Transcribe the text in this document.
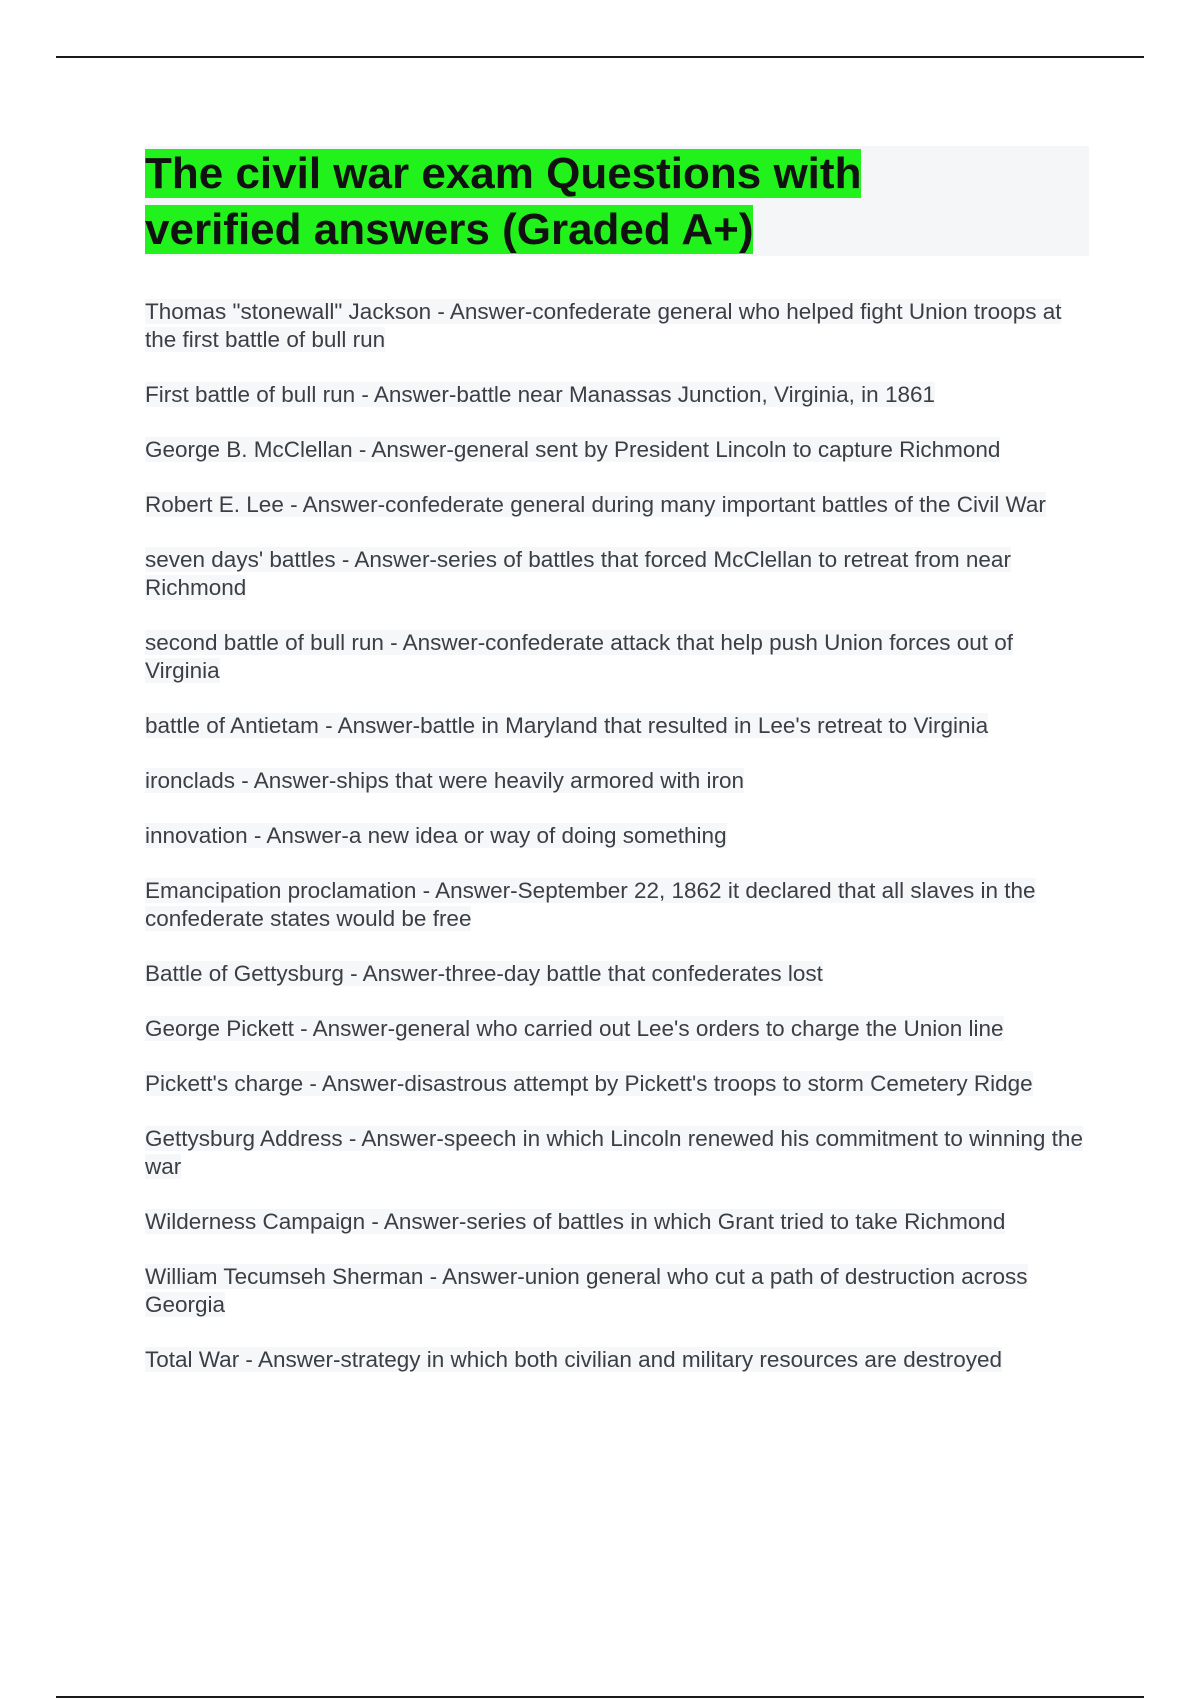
The civil war exam Questions with
verified answers (Graded A+)
Thomas "stonewall" Jackson - Answer-confederate general who helped fight Union troops at the first battle of bull run
First battle of bull run - Answer-battle near Manassas Junction, Virginia, in 1861
George B. McClellan - Answer-general sent by President Lincoln to capture Richmond
Robert E. Lee - Answer-confederate general during many important battles of the Civil War
seven days' battles - Answer-series of battles that forced McClellan to retreat from near Richmond
second battle of bull run - Answer-confederate attack that help push Union forces out of Virginia
battle of Antietam - Answer-battle in Maryland that resulted in Lee's retreat to Virginia
ironclads - Answer-ships that were heavily armored with iron
innovation - Answer-a new idea or way of doing something
Emancipation proclamation - Answer-September 22, 1862 it declared that all slaves in the confederate states would be free
Battle of Gettysburg - Answer-three-day battle that confederates lost
George Pickett - Answer-general who carried out Lee's orders to charge the Union line
Pickett's charge - Answer-disastrous attempt by Pickett's troops to storm Cemetery Ridge
Gettysburg Address - Answer-speech in which Lincoln renewed his commitment to winning the war
Wilderness Campaign - Answer-series of battles in which Grant tried to take Richmond
William Tecumseh Sherman - Answer-union general who cut a path of destruction across Georgia
Total War - Answer-strategy in which both civilian and military resources are destroyed
